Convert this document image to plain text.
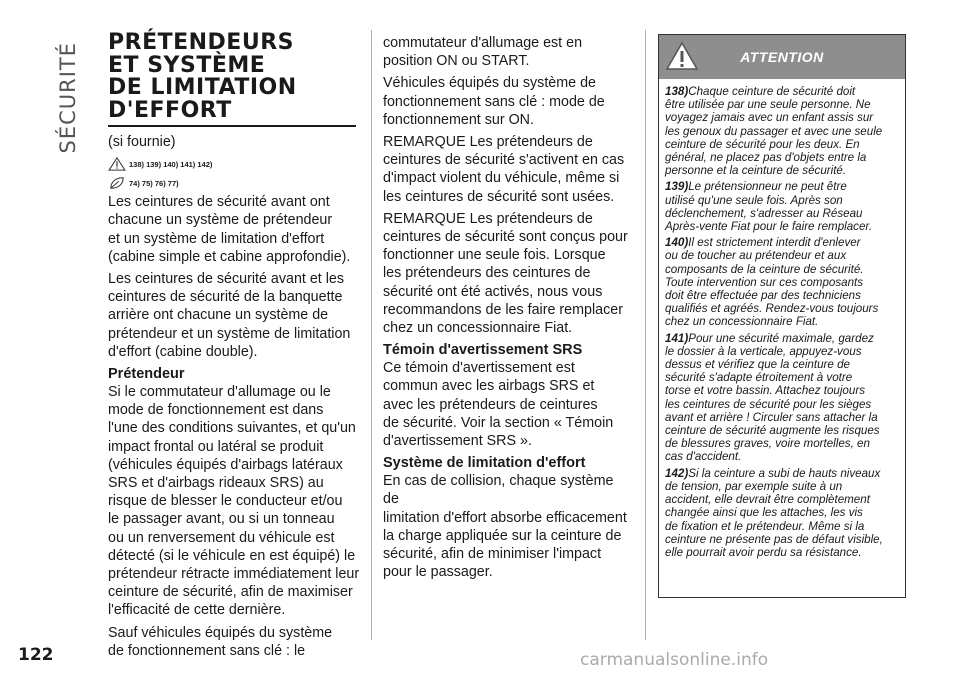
SÉCURITÉ PRÉTENDEURS
ET SYSTÈME
DE LIMITATION
D'EFFORT

(si fournie)

138) 139) 140) 141) 142)
74) 75) 76) 77)

Les ceintures de sécurité avant ont
chacune un système de prétendeur
et un système de limitation d'effort
(cabine simple et cabine approfondie).

Les ceintures de sécurité avant et les
ceintures de sécurité de la banquette
arrière ont chacune un système de
prétendeur et un système de limitation
d'effort (cabine double).

Prétendeur

Si le commutateur d'allumage ou le
mode de fonctionnement est dans
l'une des conditions suivantes, et qu'un
impact frontal ou latéral se produit
(véhicules équipés d'airbags latéraux
SRS et d'airbags rideaux SRS) au
risque de blesser le conducteur et/ou
le passager avant, ou si un tonneau
ou un renversement du véhicule est
détecté (si le véhicule en est équipé) le
prétendeur rétracte immédiatement leur
ceinture de sécurité, afin de maximiser
l'efficacité de cette dernière.

Sauf véhicules équipés du système
de fonctionnement sans clé : le

commutateur d'allumage est en
position ON ou START.

Véhicules équipés du système de
fonctionnement sans clé : mode de
fonctionnement sur ON.

REMARQUE Les prétendeurs de
ceintures de sécurité s'activent en cas
d'impact violent du véhicule, même si
les ceintures de sécurité sont usées.

REMARQUE Les prétendeurs de
ceintures de sécurité sont conçus pour
fonctionner une seule fois. Lorsque
les prétendeurs des ceintures de
sécurité ont été activés, nous vous
recommandons de les faire remplacer
chez un concessionnaire Fiat.

Témoin d'avertissement SRS

Ce témoin d'avertissement est
commun avec les airbags SRS et
avec les prétendeurs de ceintures
de sécurité. Voir la section « Témoin
d'avertissement SRS ».

Système de limitation d'effort

En cas de collision, chaque système de
limitation d'effort absorbe efficacement
la charge appliquée sur la ceinture de
sécurité, afin de minimiser l'impact
pour le passager.

ATTENTION

138)Chaque ceinture de sécurité doit
être utilisée par une seule personne. Ne
voyagez jamais avec un enfant assis sur
les genoux du passager et avec une seule
ceinture de sécurité pour les deux. En
général, ne placez pas d'objets entre la
personne et la ceinture de sécurité.

139)Le prétensionneur ne peut être
utilisé qu'une seule fois. Après son
déclenchement, s'adresser au Réseau
Après-vente Fiat pour le faire remplacer.

140)Il est strictement interdit d'enlever
ou de toucher au prétendeur et aux
composants de la ceinture de sécurité.
Toute intervention sur ces composants
doit être effectuée par des techniciens
qualifiés et agréés. Rendez-vous toujours
chez un concessionnaire Fiat.

141)Pour une sécurité maximale, gardez
le dossier à la verticale, appuyez-vous
dessus et vérifiez que la ceinture de
sécurité s'adapte étroitement à votre
torse et votre bassin. Attachez toujours
les ceintures de sécurité pour les sièges
avant et arrière ! Circuler sans attacher la
ceinture de sécurité augmente les risques
de blessures graves, voire mortelles, en
cas d'accident.

142)Si la ceinture a subi de hauts niveaux
de tension, par exemple suite à un
accident, elle devrait être complètement
changée ainsi que les attaches, les vis
de fixation et le prétendeur. Même si la
ceinture ne présente pas de défaut visible,
elle pourrait avoir perdu sa résistance.

122	carmanualsonline.info
